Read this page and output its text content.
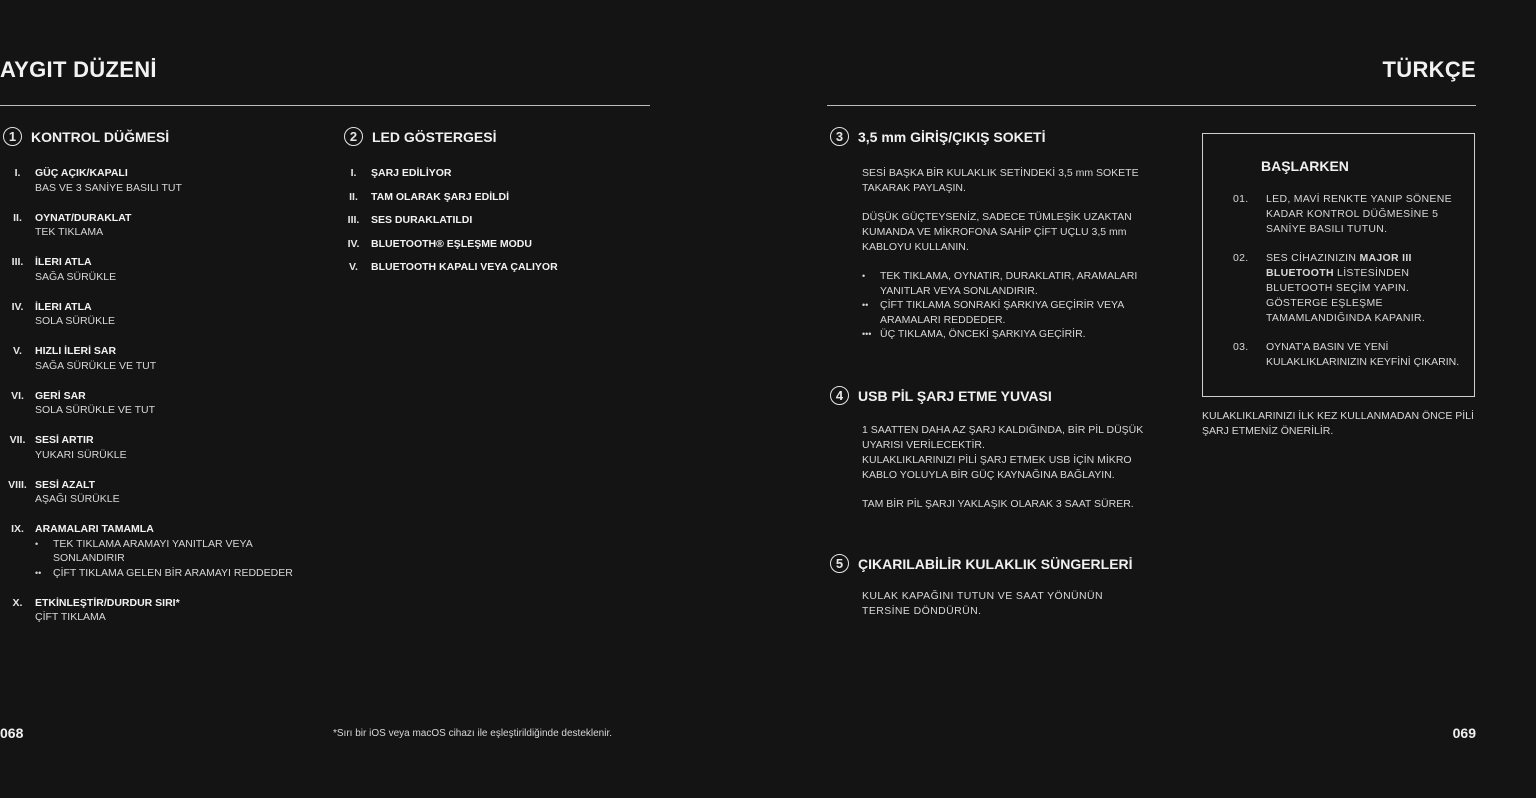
AYGIT DÜZENİ
1	KONTROL DÜĞMESİ
I.	GÜÇ AÇIK/KAPALI
BAS VE 3 SANİYE BASILI TUT
II.	OYNAT/DURAKLAT
TEK TIKLAMA
III.	İLERI ATLA
SAĞA SÜRÜKLE
IV.	İLERI ATLA
SOLA SÜRÜKLE
V.	HIZLI İLERİ SAR
SAĞA SÜRÜKLE VE TUT
VI.	GERİ SAR
SOLA SÜRÜKLE VE TUT
VII. SESİ ARTIR
YUKARI SÜRÜKLE
VIII. SESİ AZALT
AŞAĞI SÜRÜKLE
IX.	ARAMALARI TAMAMLA
•	TEK TIKLAMA ARAMAYI YANITLAR VEYA
SONLANDIRIR
••	ÇİFT TIKLAMA GELEN BİR ARAMAYI REDDEDER
X.	ETKİNLEŞTİR/DURDUR SIRI*
ÇİFT TIKLAMA
2	LED GÖSTERGESİ
I.	ŞARJ EDİLİYOR
II.	TAM OLARAK ŞARJ EDİLDİ
III.	SES DURAKLATILDI
IV.	BLUETOOTH® EŞLEŞME MODU
V.	BLUETOOTH KAPALI VEYA ÇALIYOR
068	*Sırı bir iOS veya macOS cihazı ile eşleştirildiğinde desteklenir.
TÜRKÇE
3	3,5 mm GİRİŞ/ÇIKIŞ SOKETİ
SESİ BAŞKA BİR KULAKLIK SETİNDEKİ 3,5 mm SOKETE
TAKARAK PAYLAŞIN.
DÜŞÜK GÜÇTEYSENİZ, SADECE TÜMLEŞİK UZAKTAN
KUMANDA VE MİKROFONA SAHİP ÇİFT UÇLU 3,5 mm
KABLOYU KULLANIN.
•	TEK TIKLAMA, OYNATIR, DURAKLATIR, ARAMALARI
YANITLAR VEYA SONLANDIRIR.
••	ÇİFT TIKLAMA SONRAKİ ŞARKIYA GEÇİRİR VEYA
ARAMALARI REDDEDER.
••• ÜÇ TIKLAMA, ÖNCEKİ ŞARKIYA GEÇİRİR.
4	USB PİL ŞARJ ETME YUVASI
1 SAATTEN DAHA AZ ŞARJ KALDIĞINDA, BİR PİL DÜŞÜK
UYARISI VERİLECEKTİR.
KULAKLIKLARINIZI PİLİ ŞARJ ETMEK USB İÇİN MİKRO
KABLO YOLUYLA BİR GÜÇ KAYNAĞINA BAĞLAYIN.
TAM BİR PİL ŞARJI YAKLAŞIK OLARAK 3 SAAT SÜRER.
5	ÇIKARILABİLİR KULAKLIK SÜNGERLERİ
KULAK KAPAĞINI TUTUN VE SAAT YÖNÜNÜN
TERSİNE DÖNDÜRÜN.
BAŞLARKEN
01.	LED, MAVİ RENKTE YANIP SÖNENE
KADAR KONTROL DÜĞMESİNE 5
SANİYE BASILI TUTUN.
02.	SES CİHAZINIZIN MAJOR III
BLUETOOTH LİSTESİNDEN
BLUETOOTH SEÇİM YAPIN.
GÖSTERGE EŞLEŞME
TAMAMLANDIĞINDA KAPANIR.
03.	OYNAT'A BASIN VE YENİ
KULAKLIKLARINIZIN KEYFİNİ ÇIKARIN.
KULAKLIKLARINIZI İLK KEZ KULLANMADAN ÖNCE PİLİ
ŞARJ ETMENİZ ÖNERİLİR.
069
